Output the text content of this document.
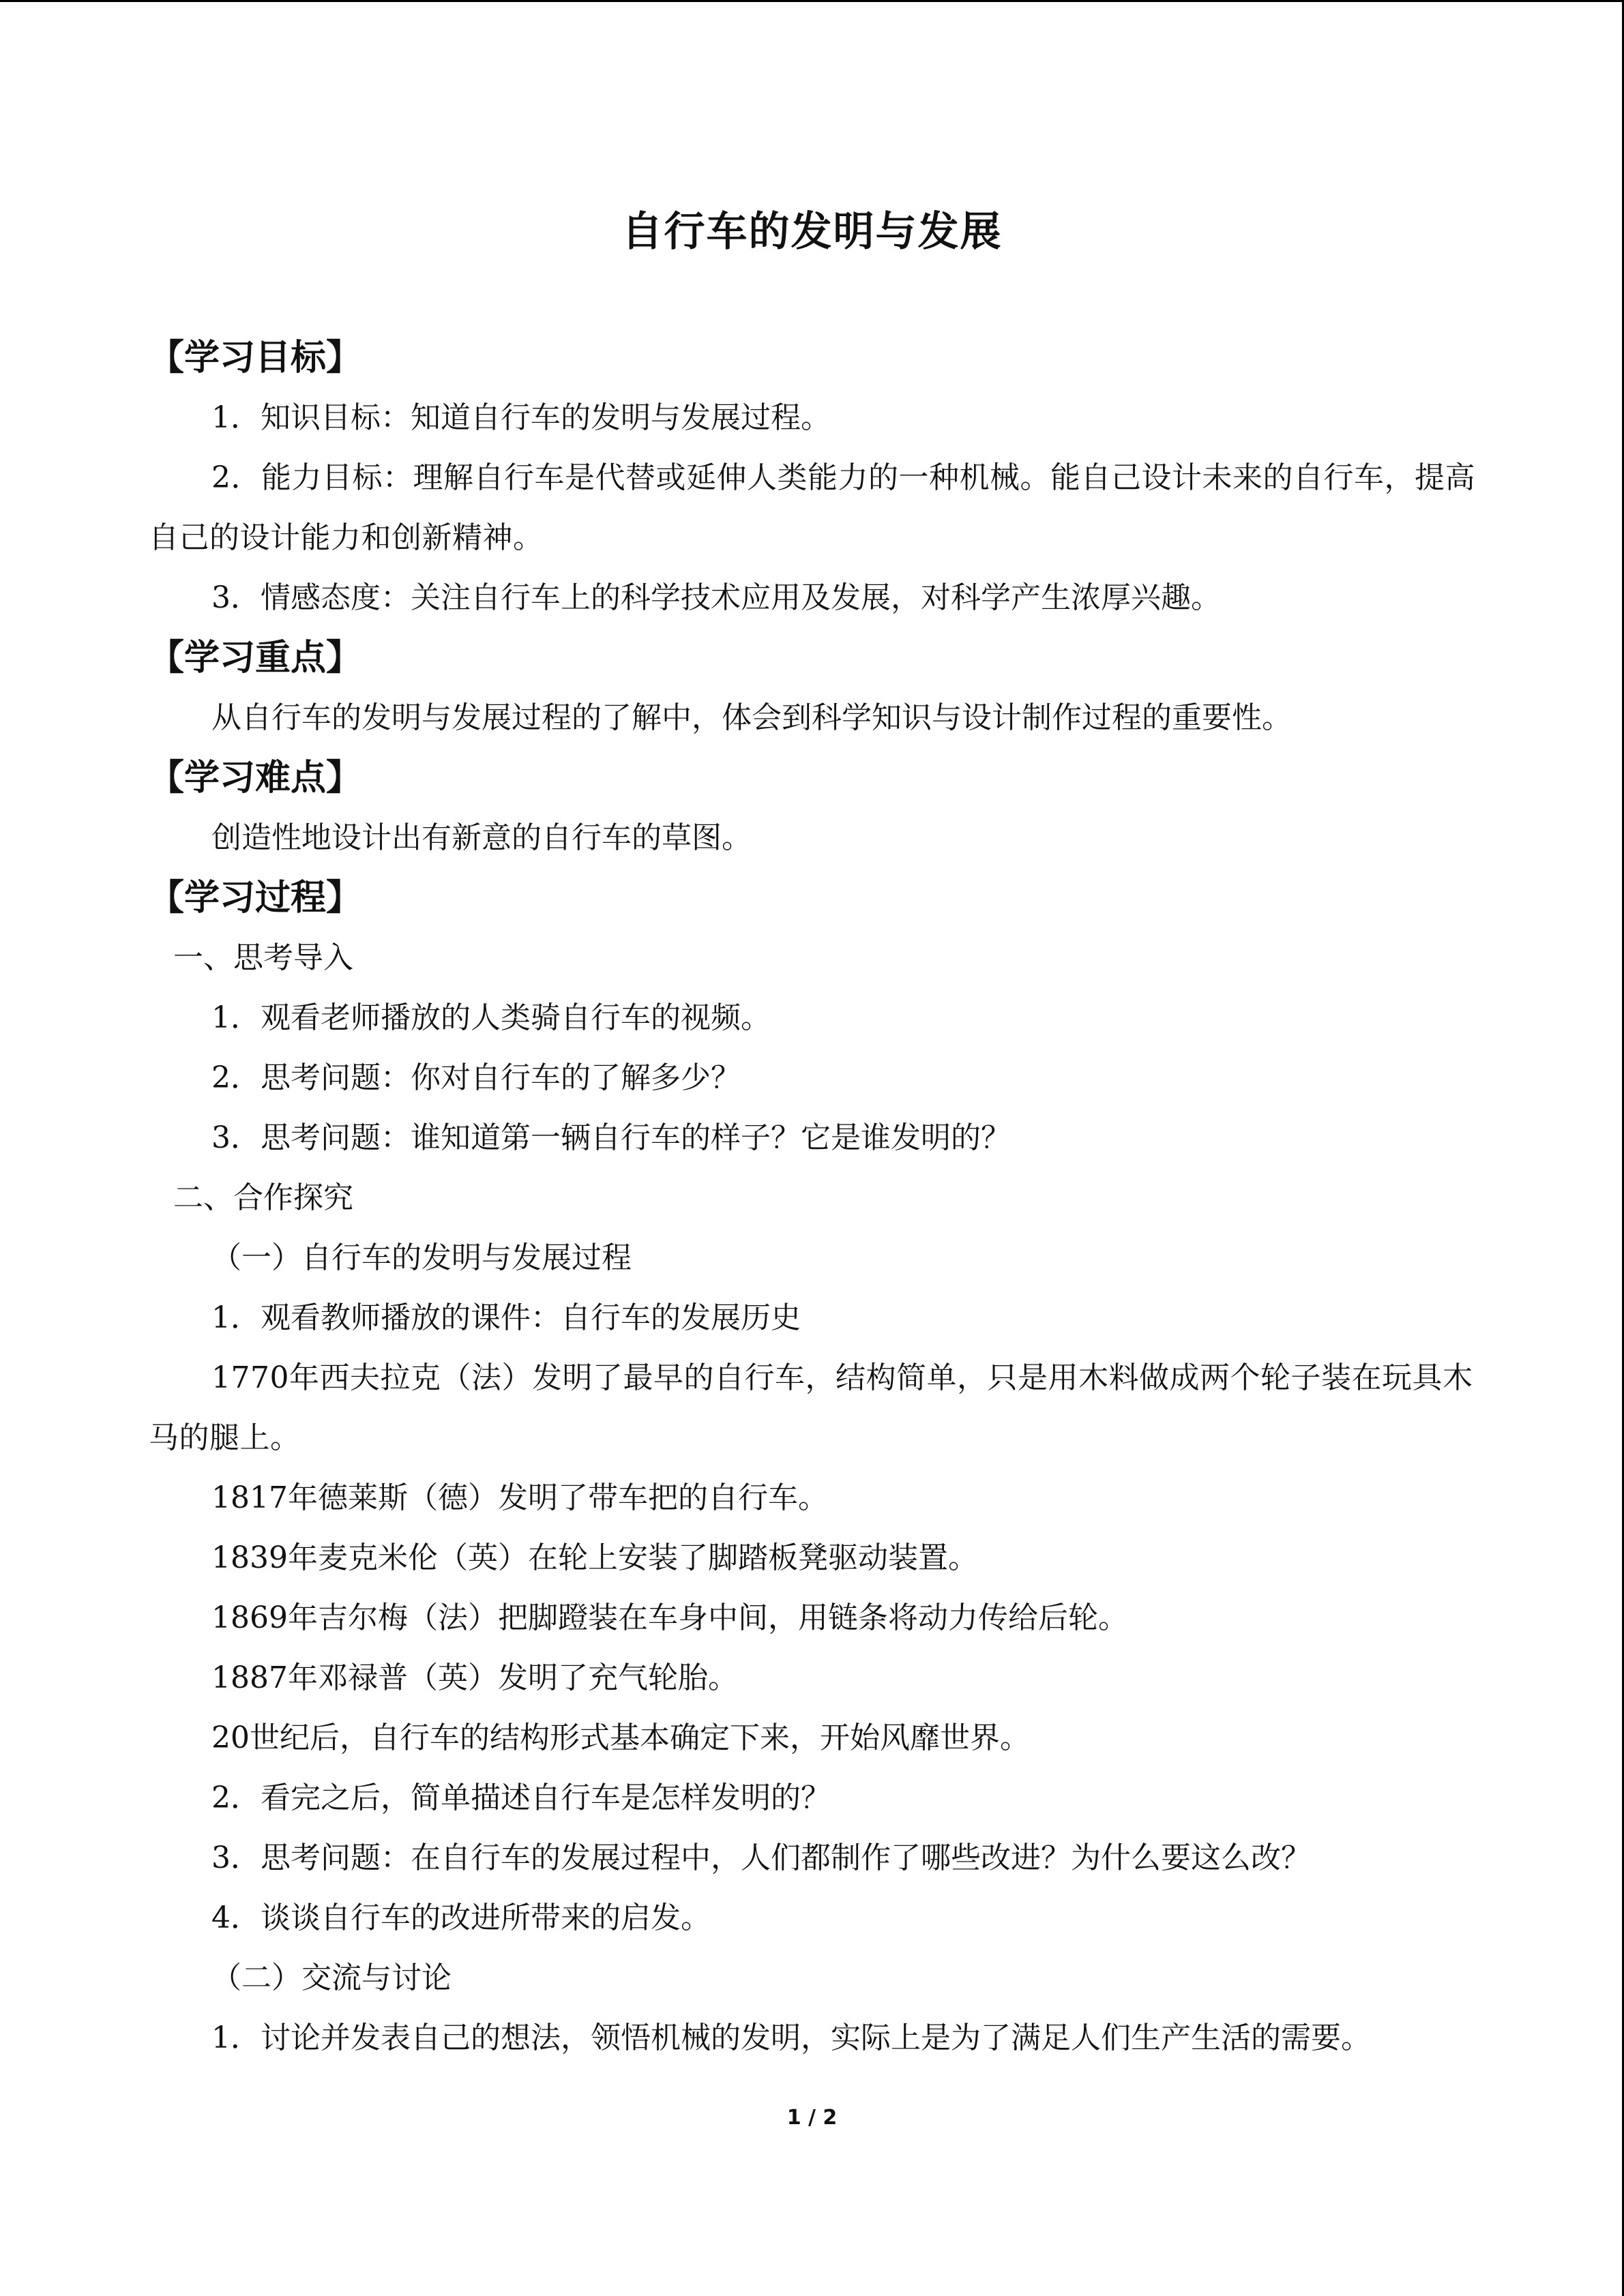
自行车的发明与发展
【学习目标】
1．知识目标：知道自行车的发明与发展过程。
2．能力目标：理解自行车是代替或延伸人类能力的一种机械。能自己设计未来的自行车，提高自己的设计能力和创新精神。
3．情感态度：关注自行车上的科学技术应用及发展，对科学产生浓厚兴趣。
【学习重点】
从自行车的发明与发展过程的了解中，体会到科学知识与设计制作过程的重要性。
【学习难点】
创造性地设计出有新意的自行车的草图。
【学习过程】
一、思考导入
1．观看老师播放的人类骑自行车的视频。
2．思考问题：你对自行车的了解多少？
3．思考问题：谁知道第一辆自行车的样子？它是谁发明的？
二、合作探究
（一）自行车的发明与发展过程
1．观看教师播放的课件：自行车的发展历史
1770年西夫拉克（法）发明了最早的自行车，结构简单，只是用木料做成两个轮子装在玩具木马的腿上。
1817年德莱斯（德）发明了带车把的自行车。
1839年麦克米伦（英）在轮上安装了脚踏板凳驱动装置。
1869年吉尔梅（法）把脚蹬装在车身中间，用链条将动力传给后轮。
1887年邓禄普（英）发明了充气轮胎。
20世纪后，自行车的结构形式基本确定下来，开始风靡世界。
2．看完之后，简单描述自行车是怎样发明的？
3．思考问题：在自行车的发展过程中，人们都制作了哪些改进？为什么要这么改？
4．谈谈自行车的改进所带来的启发。
（二）交流与讨论
1．讨论并发表自己的想法，领悟机械的发明，实际上是为了满足人们生产生活的需要。
1 / 2
